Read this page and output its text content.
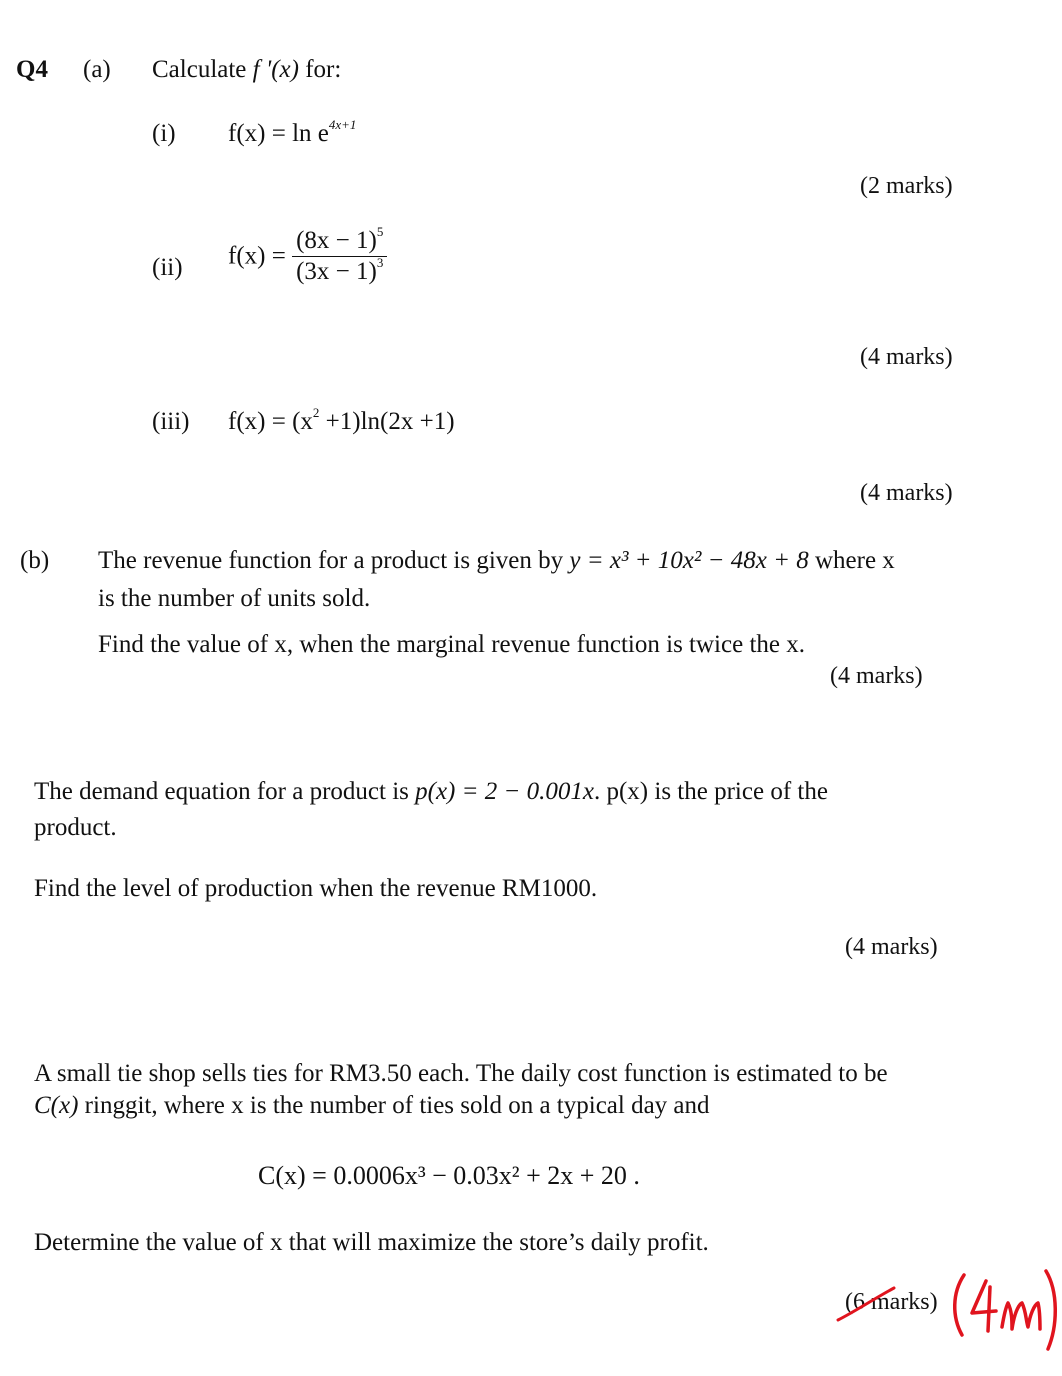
Q4 (a) Calculate f '(x) for:
(i) $f(x) = \ln e^{4x+1}$
(2 marks)
(ii) $f(x) = \frac{(8x - 1)^5}{(3x - 1)^3}$
(4 marks)
(iii) $f(x) = (x^2 +1)\ln(2x +1)$
(4 marks)
(b) The revenue function for a product is given by y = x³ + 10x² − 48x + 8 where x
is the number of units sold.
Find the value of x, when the marginal revenue function is twice the x.
(4 marks)
The demand equation for a product is p(x) = 2 − 0.001x. p(x) is the price of the
product.
Find the level of production when the revenue RM1000.
(4 marks)
A small tie shop sells ties for RM3.50 each. The daily cost function is estimated to be
C(x) ringgit, where x is the number of ties sold on a typical day and
C(x) = 0.0006x³ − 0.03x² + 2x + 20 .
Determine the value of x that will maximize the store’s daily profit.
(6 marks)
